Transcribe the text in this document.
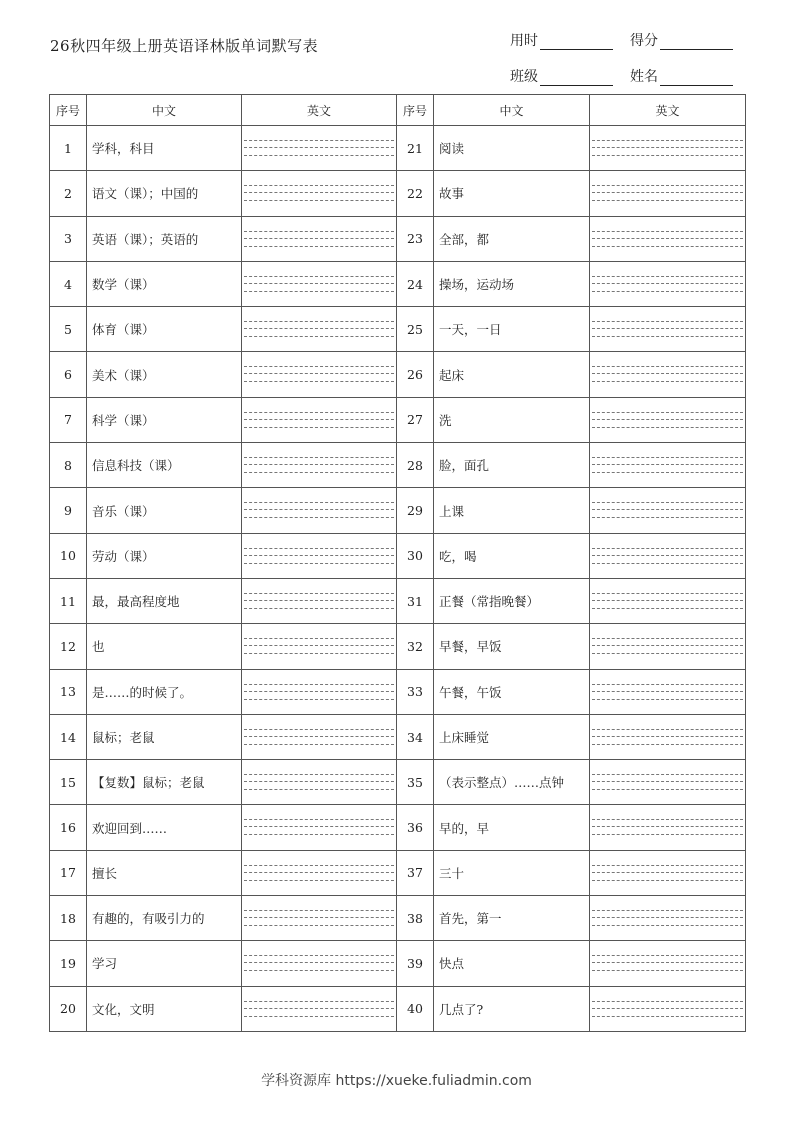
26秋四年级上册英语译林版单词默写表	用时	得分
班级	姓名
序号	中文	英文	序号	中文	英文
1	学科，科目		21	阅读	

2	语文（课）；中国的		22	故事	

3	英语（课）；英语的		23	全部，都	

4	数学（课）		24	操场，运动场	

5	体育（课）		25	一天，一日	

6	美术（课）		26	起床	

7	科学（课）		27	洗	

8	信息科技（课）		28	脸，面孔	

9	音乐（课）		29	上课	

10	劳动（课）		30	吃，喝	

11	最，最高程度地		31	正餐（常指晚餐）	

12	也		32	早餐，早饭	

13	是……的时候了。		33	午餐，午饭	

14	鼠标；老鼠		34	上床睡觉	

15	【复数】鼠标；老鼠		35	（表示整点）……点钟	

16	欢迎回到……		36	早的，早	

17	擅长		37	三十	

18	有趣的，有吸引力的		38	首先，第一	

19	学习		39	快点	

20	文化，文明		40	几点了?	
学科资源库 https://xueke.fuliadmin.com
